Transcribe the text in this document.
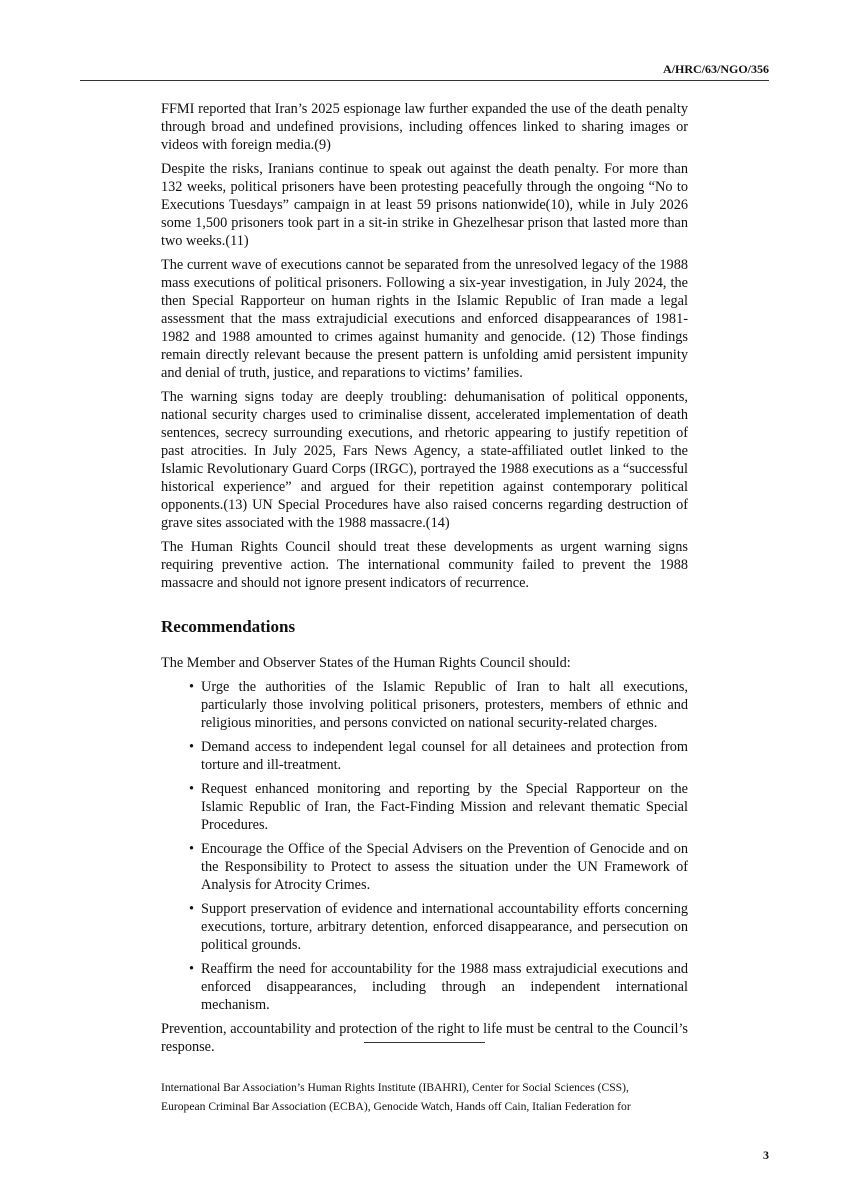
A/HRC/63/NGO/356

FFMI reported that Iran’s 2025 espionage law further expanded the use of the death penalty through broad and undefined provisions, including offences linked to sharing images or videos with foreign media.(9)

Despite the risks, Iranians continue to speak out against the death penalty. For more than 132 weeks, political prisoners have been protesting peacefully through the ongoing “No to Executions Tuesdays” campaign in at least 59 prisons nationwide(10), while in July 2026 some 1,500 prisoners took part in a sit-in strike in Ghezelhesar prison that lasted more than two weeks.(11)

The current wave of executions cannot be separated from the unresolved legacy of the 1988 mass executions of political prisoners. Following a six-year investigation, in July 2024, the then Special Rapporteur on human rights in the Islamic Republic of Iran made a legal assessment that the mass extrajudicial executions and enforced disappearances of 1981-1982 and 1988 amounted to crimes against humanity and genocide. (12) Those findings remain directly relevant because the present pattern is unfolding amid persistent impunity and denial of truth, justice, and reparations to victims’ families.

The warning signs today are deeply troubling: dehumanisation of political opponents, national security charges used to criminalise dissent, accelerated implementation of death sentences, secrecy surrounding executions, and rhetoric appearing to justify repetition of past atrocities. In July 2025, Fars News Agency, a state-affiliated outlet linked to the Islamic Revolutionary Guard Corps (IRGC), portrayed the 1988 executions as a “successful historical experience” and argued for their repetition against contemporary political opponents.(13) UN Special Procedures have also raised concerns regarding destruction of grave sites associated with the 1988 massacre.(14)

The Human Rights Council should treat these developments as urgent warning signs requiring preventive action. The international community failed to prevent the 1988 massacre and should not ignore present indicators of recurrence.

Recommendations

The Member and Observer States of the Human Rights Council should:

• Urge the authorities of the Islamic Republic of Iran to halt all executions, particularly those involving political prisoners, protesters, members of ethnic and religious minorities, and persons convicted on national security-related charges.
• Demand access to independent legal counsel for all detainees and protection from torture and ill-treatment.
• Request enhanced monitoring and reporting by the Special Rapporteur on the Islamic Republic of Iran, the Fact-Finding Mission and relevant thematic Special Procedures.
• Encourage the Office of the Special Advisers on the Prevention of Genocide and on the Responsibility to Protect to assess the situation under the UN Framework of Analysis for Atrocity Crimes.
• Support preservation of evidence and international accountability efforts concerning executions, torture, arbitrary detention, enforced disappearance, and persecution on political grounds.
• Reaffirm the need for accountability for the 1988 mass extrajudicial executions and enforced disappearances, including through an independent international mechanism.

Prevention, accountability and protection of the right to life must be central to the Council’s response.

International Bar Association’s Human Rights Institute (IBAHRI), Center for Social Sciences (CSS),
European Criminal Bar Association (ECBA), Genocide Watch, Hands off Cain, Italian Federation for
3
